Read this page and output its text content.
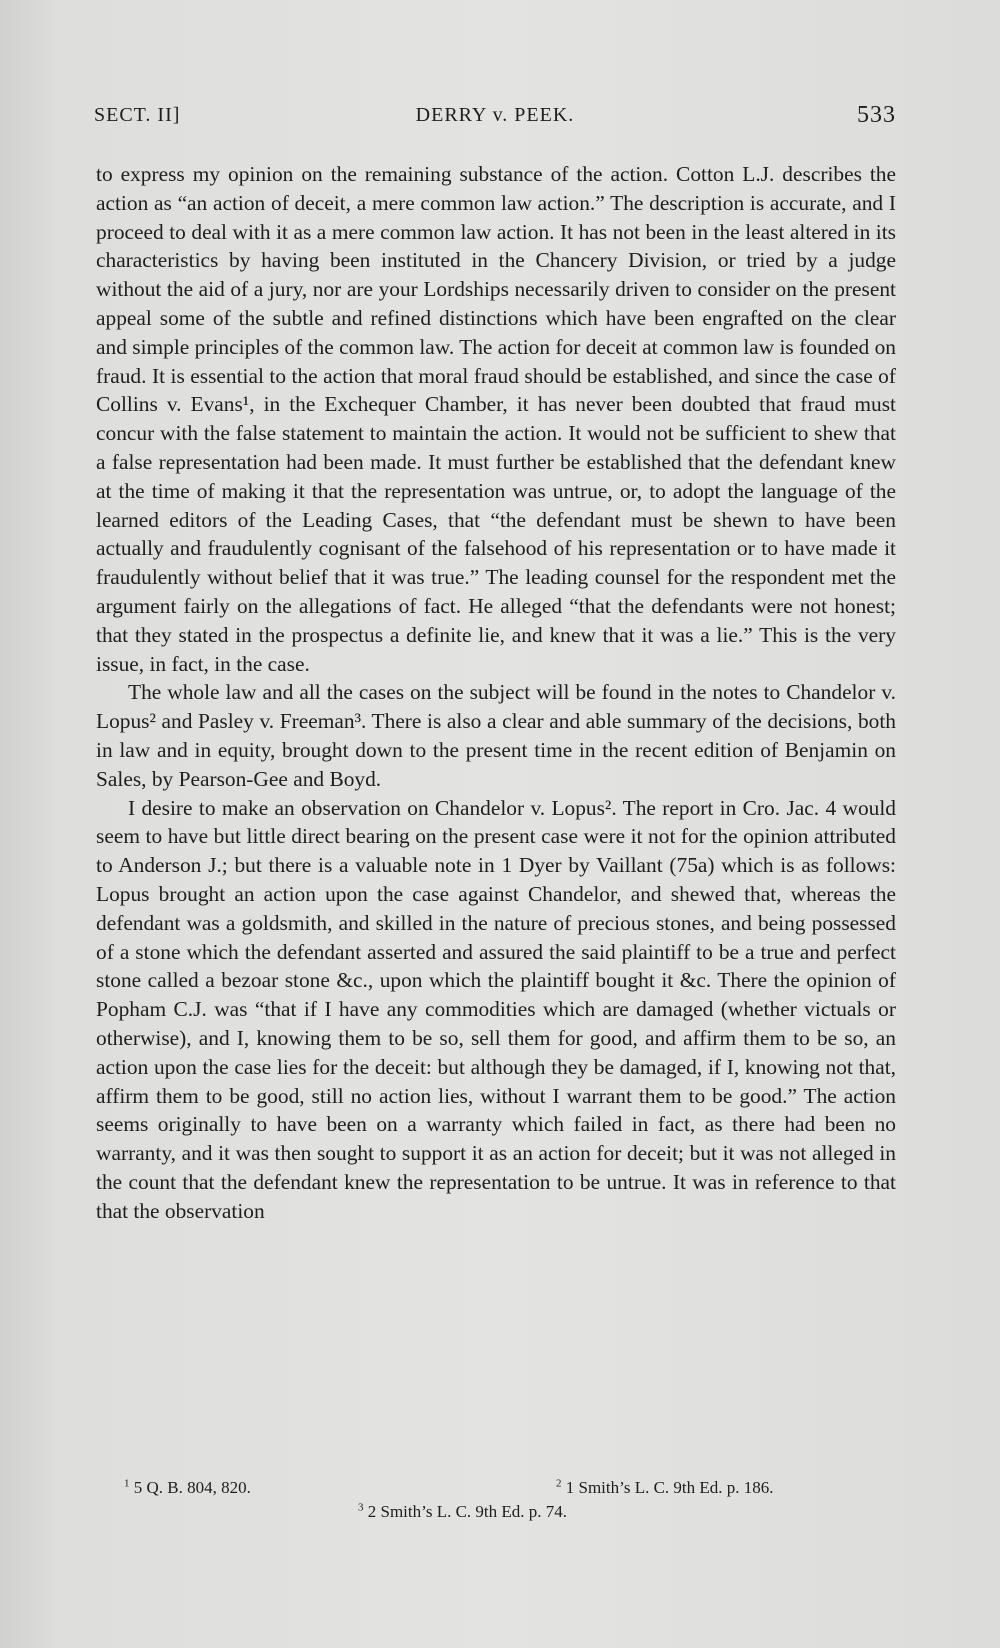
SECT. II]	DERRY v. PEEK.	533

to express my opinion on the remaining substance of the action. Cotton L.J. describes the action as “an action of deceit, a mere common law action.” The description is accurate, and I proceed to deal with it as a mere common law action. It has not been in the least altered in its characteristics by having been instituted in the Chancery Division, or tried by a judge without the aid of a jury, nor are your Lordships necessarily driven to consider on the present appeal some of the subtle and refined distinctions which have been engrafted on the clear and simple principles of the common law. The action for deceit at common law is founded on fraud. It is essential to the action that moral fraud should be established, and since the case of Collins v. Evans¹, in the Exchequer Chamber, it has never been doubted that fraud must concur with the false statement to maintain the action. It would not be sufficient to shew that a false representation had been made. It must further be established that the defendant knew at the time of making it that the representation was untrue, or, to adopt the language of the learned editors of the Leading Cases, that “the defendant must be shewn to have been actually and fraudulently cognisant of the falsehood of his representation or to have made it fraudulently without belief that it was true.” The leading counsel for the respondent met the argument fairly on the allegations of fact. He alleged “that the defendants were not honest; that they stated in the prospectus a definite lie, and knew that it was a lie.” This is the very issue, in fact, in the case.

The whole law and all the cases on the subject will be found in the notes to Chandelor v. Lopus² and Pasley v. Freeman³. There is also a clear and able summary of the decisions, both in law and in equity, brought down to the present time in the recent edition of Benjamin on Sales, by Pearson-Gee and Boyd.

I desire to make an observation on Chandelor v. Lopus². The report in Cro. Jac. 4 would seem to have but little direct bearing on the present case were it not for the opinion attributed to Anderson J.; but there is a valuable note in 1 Dyer by Vaillant (75a) which is as follows: Lopus brought an action upon the case against Chandelor, and shewed that, whereas the defendant was a goldsmith, and skilled in the nature of precious stones, and being possessed of a stone which the defendant asserted and assured the said plaintiff to be a true and perfect stone called a bezoar stone &c., upon which the plaintiff bought it &c. There the opinion of Popham C.J. was “that if I have any commodities which are damaged (whether victuals or otherwise), and I, knowing them to be so, sell them for good, and affirm them to be so, an action upon the case lies for the deceit: but although they be damaged, if I, knowing not that, affirm them to be good, still no action lies, without I warrant them to be good.” The action seems originally to have been on a warranty which failed in fact, as there had been no warranty, and it was then sought to support it as an action for deceit; but it was not alleged in the count that the defendant knew the representation to be untrue. It was in reference to that that the observation

$^1$ 5 Q. B. 804, 820.	$^2$ 1 Smith’s L. C. 9th Ed. p. 186.
$^3$ 2 Smith’s L. C. 9th Ed. p. 74.
